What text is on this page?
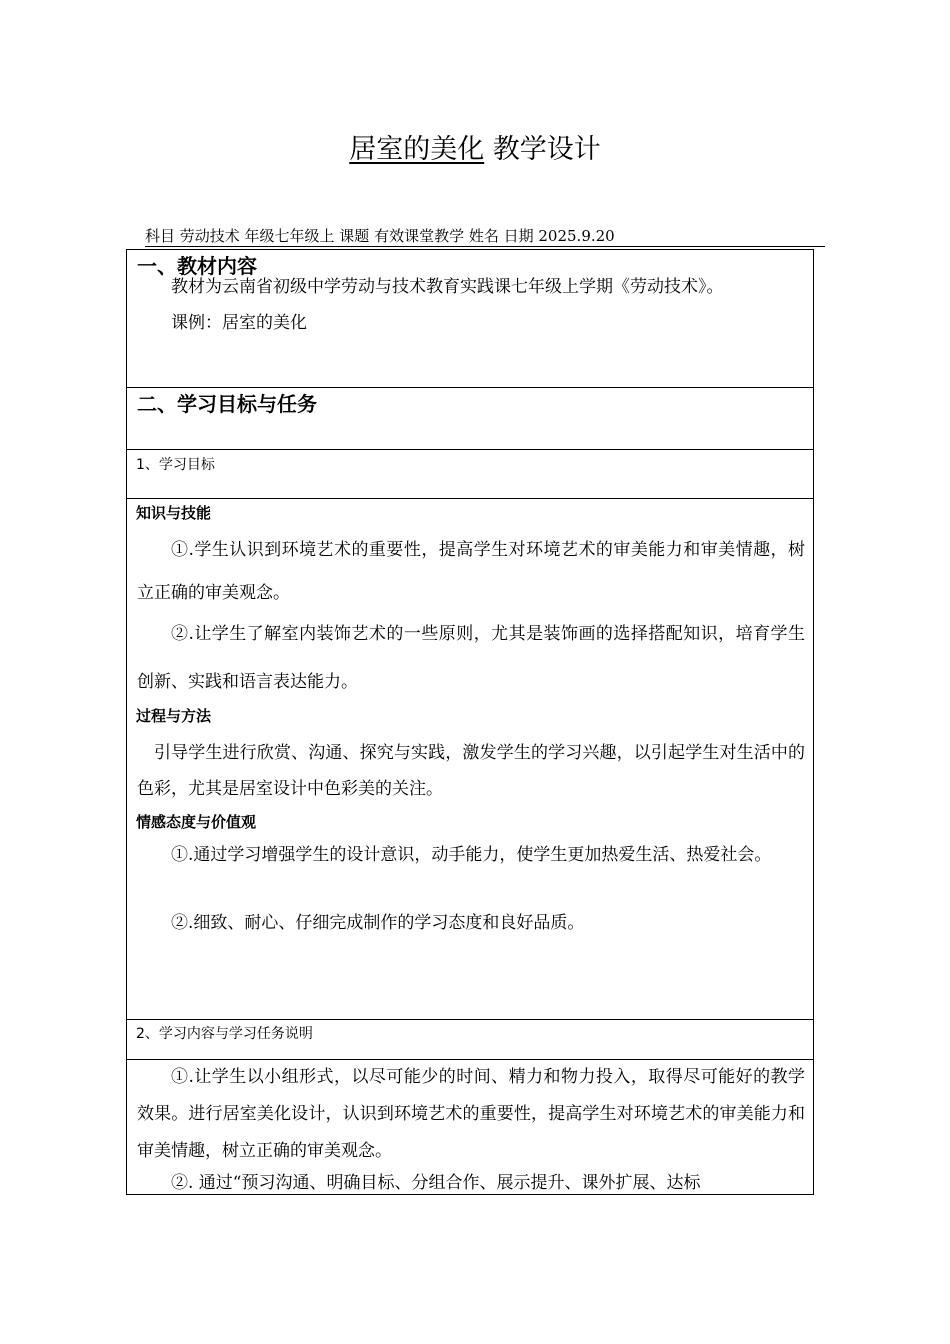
居室的美化 教学设计
科目 劳动技术 年级七年级上 课题 有效课堂教学 姓名 日期 2025.9.20
一、教材内容

教材为云南省初级中学劳动与技术教育实践课七年级上学期《劳动技术》。

课例：居室的美化

二、学习目标与任务
1、学习目标
知识与技能

①.学生认识到环境艺术的重要性，提高学生对环境艺术的审美能力和审美情趣，树立正确的审美观念。

②.让学生了解室内装饰艺术的一些原则，尤其是装饰画的选择搭配知识，培育学生创新、实践和语言表达能力。

过程与方法

引导学生进行欣赏、沟通、探究与实践，激发学生的学习兴趣，以引起学生对生活中的色彩，尤其是居室设计中色彩美的关注。

情感态度与价值观

①.通过学习增强学生的设计意识，动手能力，使学生更加热爱生活、热爱社会。

②.细致、耐心、仔细完成制作的学习态度和良好品质。

2、学习内容与学习任务说明

①.让学生以小组形式，以尽可能少的时间、精力和物力投入，取得尽可能好的教学效果。进行居室美化设计，认识到环境艺术的重要性，提高学生对环境艺术的审美能力和审美情趣，树立正确的审美观念。

②. 通过“预习沟通、明确目标、分组合作、展示提升、课外扩展、达标
